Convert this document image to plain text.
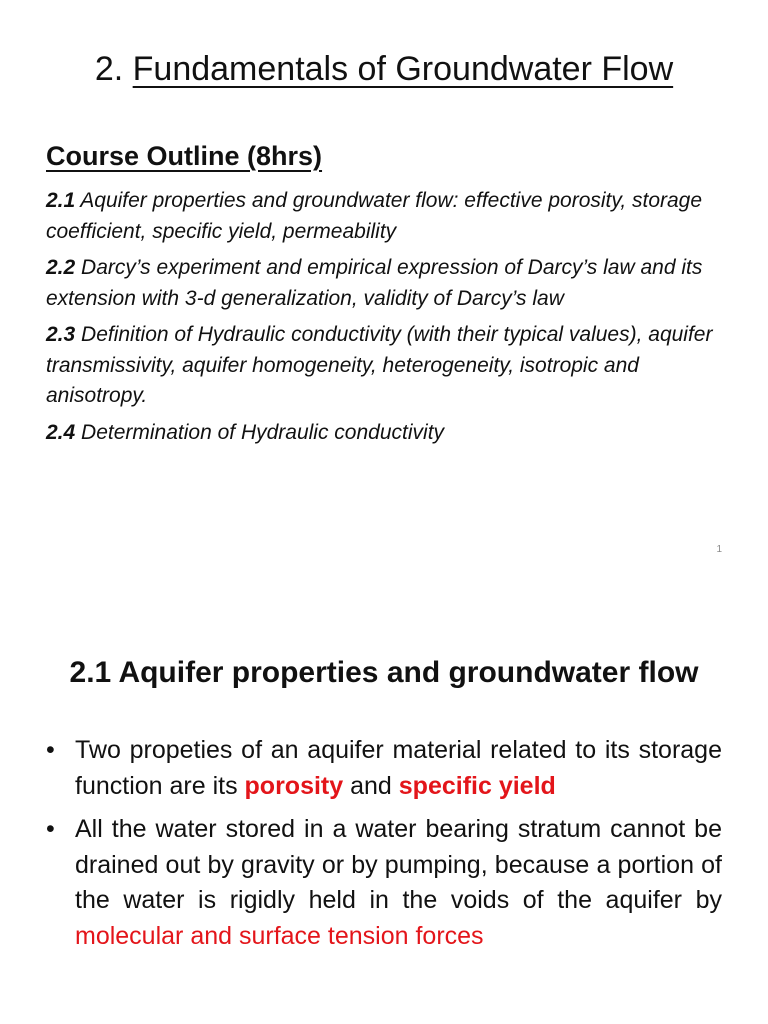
2. Fundamentals of Groundwater Flow
Course Outline (8hrs)
2.1 Aquifer properties and groundwater flow: effective porosity, storage coefficient, specific yield, permeability
2.2 Darcy’s experiment and empirical expression of Darcy’s law and its extension with 3-d generalization, validity of Darcy’s law
2.3 Definition of Hydraulic conductivity (with their typical values), aquifer transmissivity, aquifer homogeneity, heterogeneity, isotropic and anisotropy.
2.4 Determination of Hydraulic conductivity
1
2.1 Aquifer properties and groundwater flow
• Two propeties of an aquifer material related to its storage function are its porosity and specific yield
• All the water stored in a water bearing stratum cannot be drained out by gravity or by pumping, because a portion of the water is rigidly held in the voids of the aquifer by molecular and surface tension forces
